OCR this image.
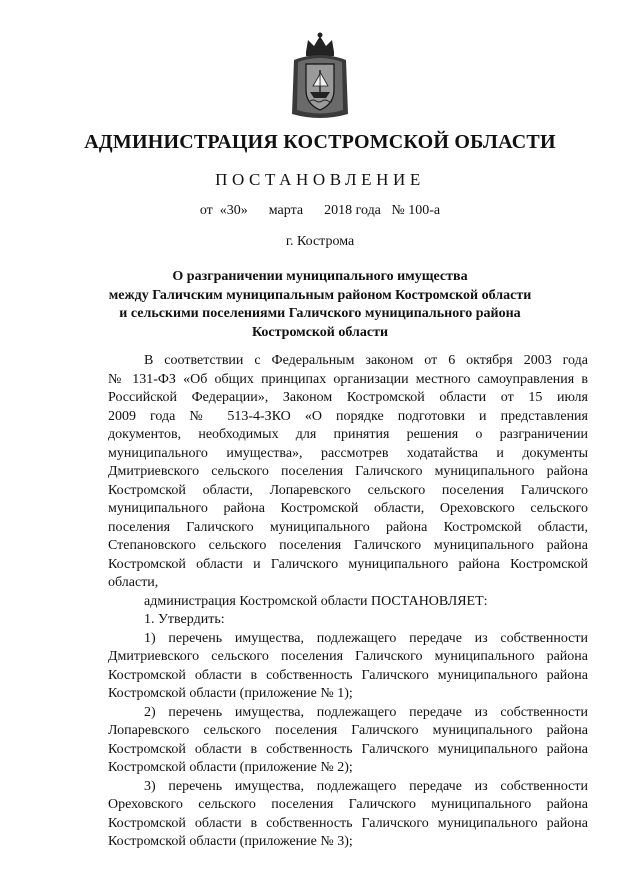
АДМИНИСТРАЦИЯ КОСТРОМСКОЙ ОБЛАСТИ
ПОСТАНОВЛЕНИЕ
от  «30»      марта      2018 года   № 100-а
г. Кострома
О разграничении муниципального имущества
между Галичским муниципальным районом Костромской области
и сельскими поселениями Галичского муниципального района
Костромской области
В соответствии с Федеральным законом от 6 октября 2003 года
№ 131-ФЗ «Об общих принципах организации местного самоуправления в
Российской Федерации», Законом Костромской области от 15 июля
2009 года № 513-4-ЗКО «О порядке подготовки и представления
документов, необходимых для принятия решения о разграничении
муниципального имущества», рассмотрев ходатайства и документы
Дмитриевского сельского поселения Галичского муниципального района
Костромской области, Лопаревского сельского поселения Галичского
муниципального района Костромской области, Ореховского сельского
поселения Галичского муниципального района Костромской области,
Степановского сельского поселения Галичского муниципального района
Костромской области и Галичского муниципального района Костромской
области,
администрация Костромской области ПОСТАНОВЛЯЕТ:
1. Утвердить:
1) перечень имущества, подлежащего передаче из собственности
Дмитриевского сельского поселения Галичского муниципального района
Костромской области в собственность Галичского муниципального района
Костромской области (приложение № 1);
2) перечень имущества, подлежащего передаче из собственности
Лопаревского сельского поселения Галичского муниципального района
Костромской области в собственность Галичского муниципального района
Костромской области (приложение № 2);
3) перечень имущества, подлежащего передаче из собственности
Ореховского сельского поселения Галичского муниципального района
Костромской области в собственность Галичского муниципального района
Костромской области (приложение № 3);
